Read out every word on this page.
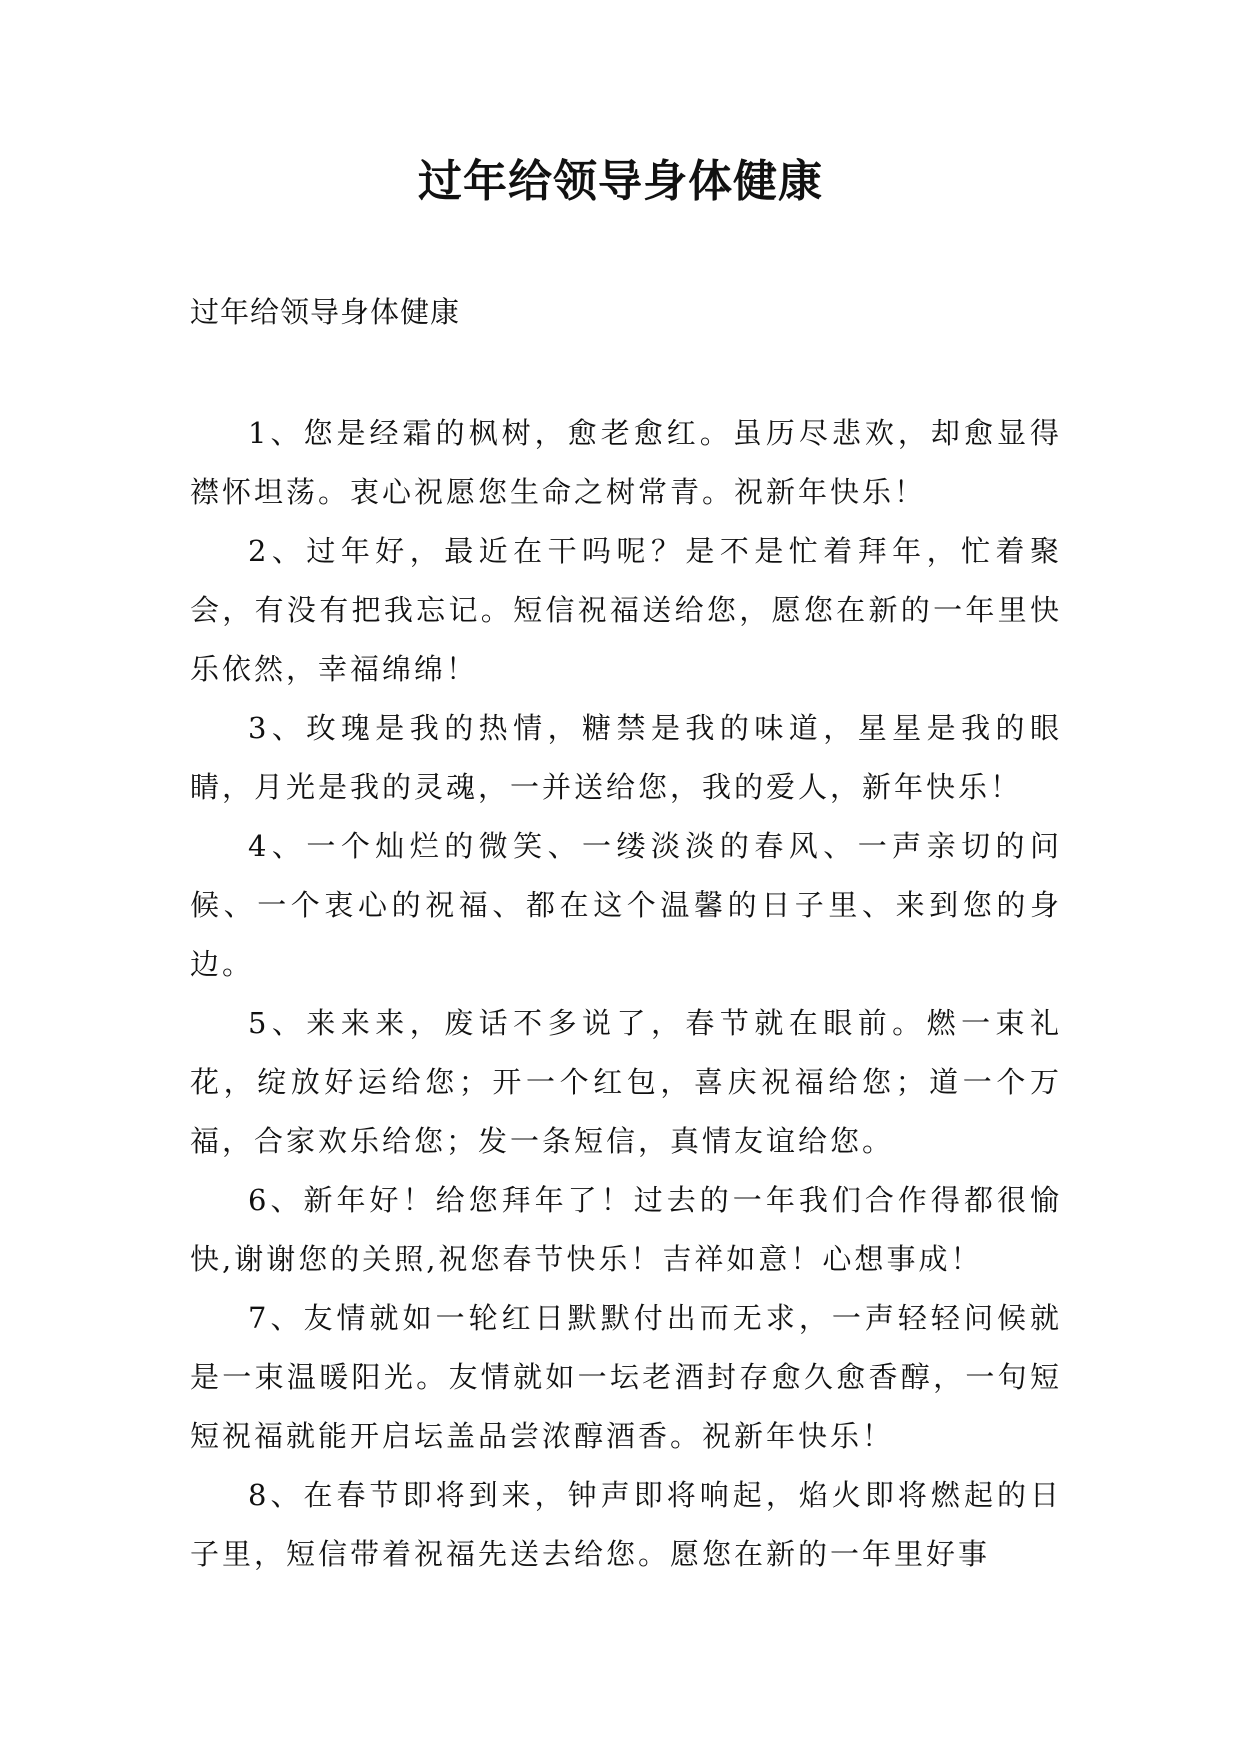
过年给领导身体健康

过年给领导身体健康

1、您是经霜的枫树，愈老愈红。虽历尽悲欢，却愈显得襟怀坦荡。衷心祝愿您生命之树常青。祝新年快乐！

2、过年好，最近在干吗呢？是不是忙着拜年，忙着聚会，有没有把我忘记。短信祝福送给您，愿您在新的一年里快乐依然，幸福绵绵！

3、玫瑰是我的热情，糖禁是我的味道，星星是我的眼睛，月光是我的灵魂，一并送给您，我的爱人，新年快乐！

4、一个灿烂的微笑、一缕淡淡的春风、一声亲切的问候、一个衷心的祝福、都在这个温馨的日子里、来到您的身边。

5、来来来，废话不多说了，春节就在眼前。燃一束礼花，绽放好运给您；开一个红包，喜庆祝福给您；道一个万福，合家欢乐给您；发一条短信，真情友谊给您。

6、新年好！给您拜年了！过去的一年我们合作得都很愉快,谢谢您的关照,祝您春节快乐！吉祥如意！心想事成！

7、友情就如一轮红日默默付出而无求，一声轻轻问候就是一束温暖阳光。友情就如一坛老酒封存愈久愈香醇，一句短短祝福就能开启坛盖品尝浓醇酒香。祝新年快乐！

8、在春节即将到来，钟声即将响起，焰火即将燃起的日子里，短信带着祝福先送去给您。愿您在新的一年里好事
